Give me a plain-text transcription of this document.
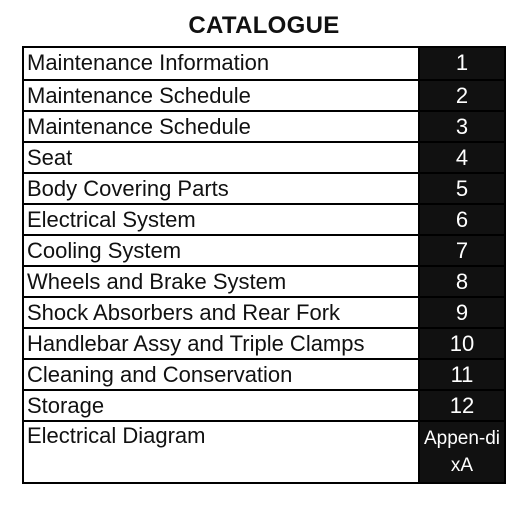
CATALOGUE
Maintenance Information	1
Maintenance Schedule	2
Maintenance Schedule	3
Seat	4
Body Covering Parts	5
Electrical System	6
Cooling System	7
Wheels and Brake System	8
Shock Absorbers and Rear Fork	9
Handlebar Assy and Triple Clamps	10
Cleaning and Conservation	11
Storage	12
Electrical Diagram	Appen-dixA
